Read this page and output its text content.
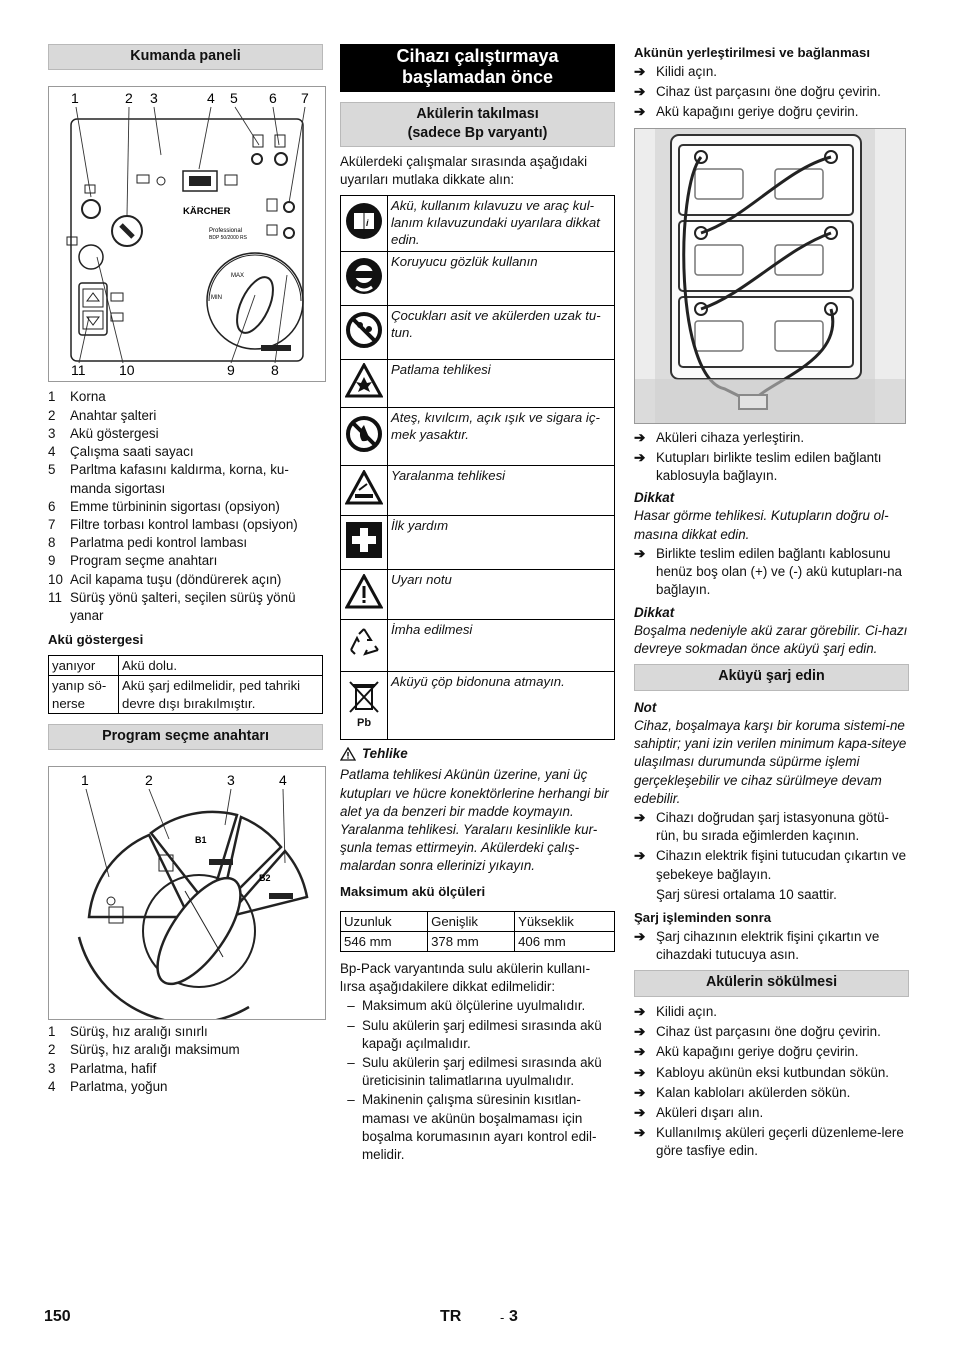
Kumanda paneli
1	2 3	4 5 6 7
11 10	9	8
KÄRCHER
Professional
BDP 50/2000 RS
MAX
MIN
1	Korna
2	Anahtar şalteri
3	Akü göstergesi
4	Çalışma saati sayacı
5	Parltma kafasını kaldırma, korna, ku-manda sigortası
6	Emme türbininin sigortası (opsiyon)
7	Filtre torbası kontrol lambası (opsiyon)
8	Parlatma pedi kontrol lambası
9	Program seçme anahtarı
10 Acil kapama tuşu (döndürerek açın)
11 Sürüş yönü şalteri, seçilen sürüş yönü yanar
Akü göstergesi
yanıyor	Akü dolu.
yanıp sö-nerse	Akü şarj edilmelidir, ped tahriki devre dışı bırakılmıştır.
Program seçme anahtarı
1	2	3	4
B1
B2
1	Sürüş, hız aralığı sınırlı
2	Sürüş, hız aralığı maksimum
3	Parlatma, hafif
4	Parlatma, yoğun
Cihazı çalıştırmaya
başlamadan önce
Akülerin takılması
(sadece Bp varyantı)

Akülerdeki çalışmalar sırasında aşağıdaki uyarıları mutlaka dikkate alın:

i	Akü, kullanım kılavuzu ve araç kul-lanım kılavuzundaki uyarılara dikkat edin.
	Koruyucu gözlük kullanın
	Çocukları asit ve akülerden uzak tu-tun.
	Patlama tehlikesi
	Ateş, kıvılcım, açık ışık ve sigara iç-mek yasaktır.
	Yaralanma tehlikesi
	İlk yardım
	Uyarı notu
	İmha edilmesi

Pb	Aküyü çöp bidonuna atmayın.
Tehlike

Patlama tehlikesi Akünün üzerine, yani üç kutupları ve hücre konektörlerine herhangi bir alet ya da benzeri bir madde koymayın. Yaralanma tehlikesi. Yaralarıı kesinlikle kur-şunla temas ettirmeyin. Akülerdeki çalış-malardan sonra ellerinizi yıkayın.

Maksimum akü ölçüleri
Uzunluk	Genişlik	Yükseklik
546 mm	378 mm	406 mm

Bp-Pack varyantında sulu akülerin kullanı-lırsa aşağıdakilere dikkat edilmelidir:

– Maksimum akü ölçülerine uyulmalıdır.
– Sulu akülerin şarj edilmesi sırasında akü kapağı açılmalıdır.
– Sulu akülerin şarj edilmesi sırasında akü üreticisinin talimatlarına uyulmalıdır.
– Makinenin çalışma süresinin kısıtlan-maması ve akünün boşalmaması için boşalma korumasının ayarı kontrol edil-melidir.
Akünün yerleştirilmesi ve bağlanması
➔ Kilidi açın.
➔ Cihaz üst parçasını öne doğru çevirin.
➔ Akü kapağını geriye doğru çevirin.
➔ Aküleri cihaza yerleştirin.
➔ Kutupları birlikte teslim edilen bağlantı kablosuyla bağlayın.
Dikkat

Hasar görme tehlikesi. Kutupların doğru ol-masına dikkat edin.

➔ Birlikte teslim edilen bağlantı kablosunu henüz boş olan (+) ve (-) akü kutupları-na bağlayın.
Dikkat

Boşalma nedeniyle akü zarar görebilir. Ci-hazı devreye sokmadan önce aküyü şarj edin.

Aküyü şarj edin
Not

Cihaz, boşalmaya karşı bir koruma sistemi-ne sahiptir; yani izin verilen minimum kapa-siteye ulaşılması durumunda süpürme işlemi gerçekleşebilir ve cihaz sürülmeye devam edebilir.

➔ Cihazı doğrudan şarj istasyonuna götü-rün, bu sırada eğimlerden kaçının.
➔ Cihazın elektrik fişini tutucudan çıkartın ve şebekeye bağlayın.

Şarj süresi ortalama 10 saattir.

Şarj işleminden sonra
➔ Şarj cihazının elektrik fişini çıkartın ve cihazdaki tutucuya asın.
Akülerin sökülmesi
➔ Kilidi açın.
➔ Cihaz üst parçasını öne doğru çevirin.
➔ Akü kapağını geriye doğru çevirin.
➔ Kabloyu akünün eksi kutbundan sökün.
➔ Kalan kabloları akülerden sökün.
➔ Aküleri dışarı alın.
➔ Kullanılmış aküleri geçerli düzenleme-lere göre tasfiye edin.
150	TR	- 3
